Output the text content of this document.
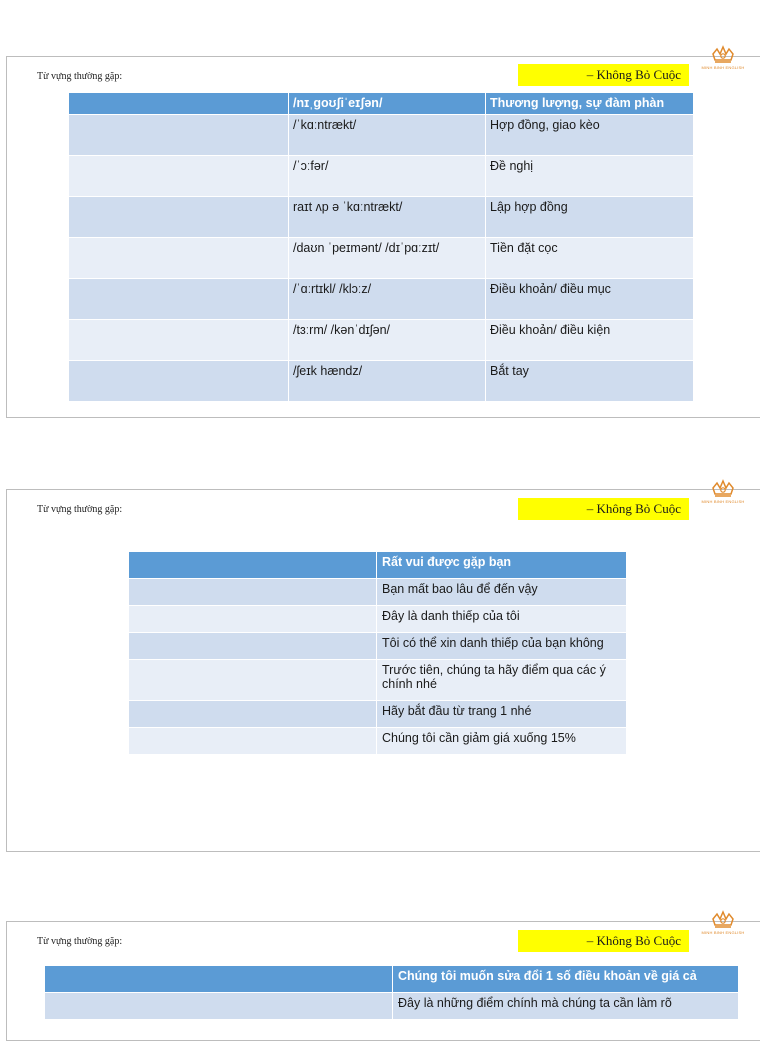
Từ vựng thường gặp:	– Không Bỏ Cuộc	MINH BINH ENGLISH
	/nɪˌɡoʊʃiˈeɪʃən/	Thương lượng, sự đàm phàn
	/ˈkɑːntrækt/	Hợp đồng, giao kèo
	/ˈɔːfər/	Đề nghị
	raɪt ʌp ə ˈkɑːntrækt/	Lập hợp đồng
	/daʊn ˈpeɪmənt/ /dɪˈpɑːzɪt/	Tiền đặt cọc
	/ˈɑːrtɪkl/ /klɔːz/	Điều khoản/ điều mục
	/tɜːrm/ /kənˈdɪʃən/	Điều khoản/ điều kiện
	/ʃeɪk hændz/	Bắt tay
Từ vựng thường gặp:	– Không Bỏ Cuộc	MINH BINH ENGLISH
	Rất vui được gặp bạn
	Bạn mất bao lâu để đến vậy
	Đây là danh thiếp của tôi
	Tôi có thể xin danh thiếp của bạn không
	Trước tiên, chúng ta hãy điểm qua các ý chính nhé
	Hãy bắt đầu từ trang 1 nhé
	Chúng tôi cần giảm giá xuống 15%
Từ vựng thường gặp:	– Không Bỏ Cuộc
MINH BINH ENGLISH
	Chúng tôi muốn sửa đổi 1 số điều khoản về giá cả
	Đây là những điểm chính mà chúng ta cần làm rõ
